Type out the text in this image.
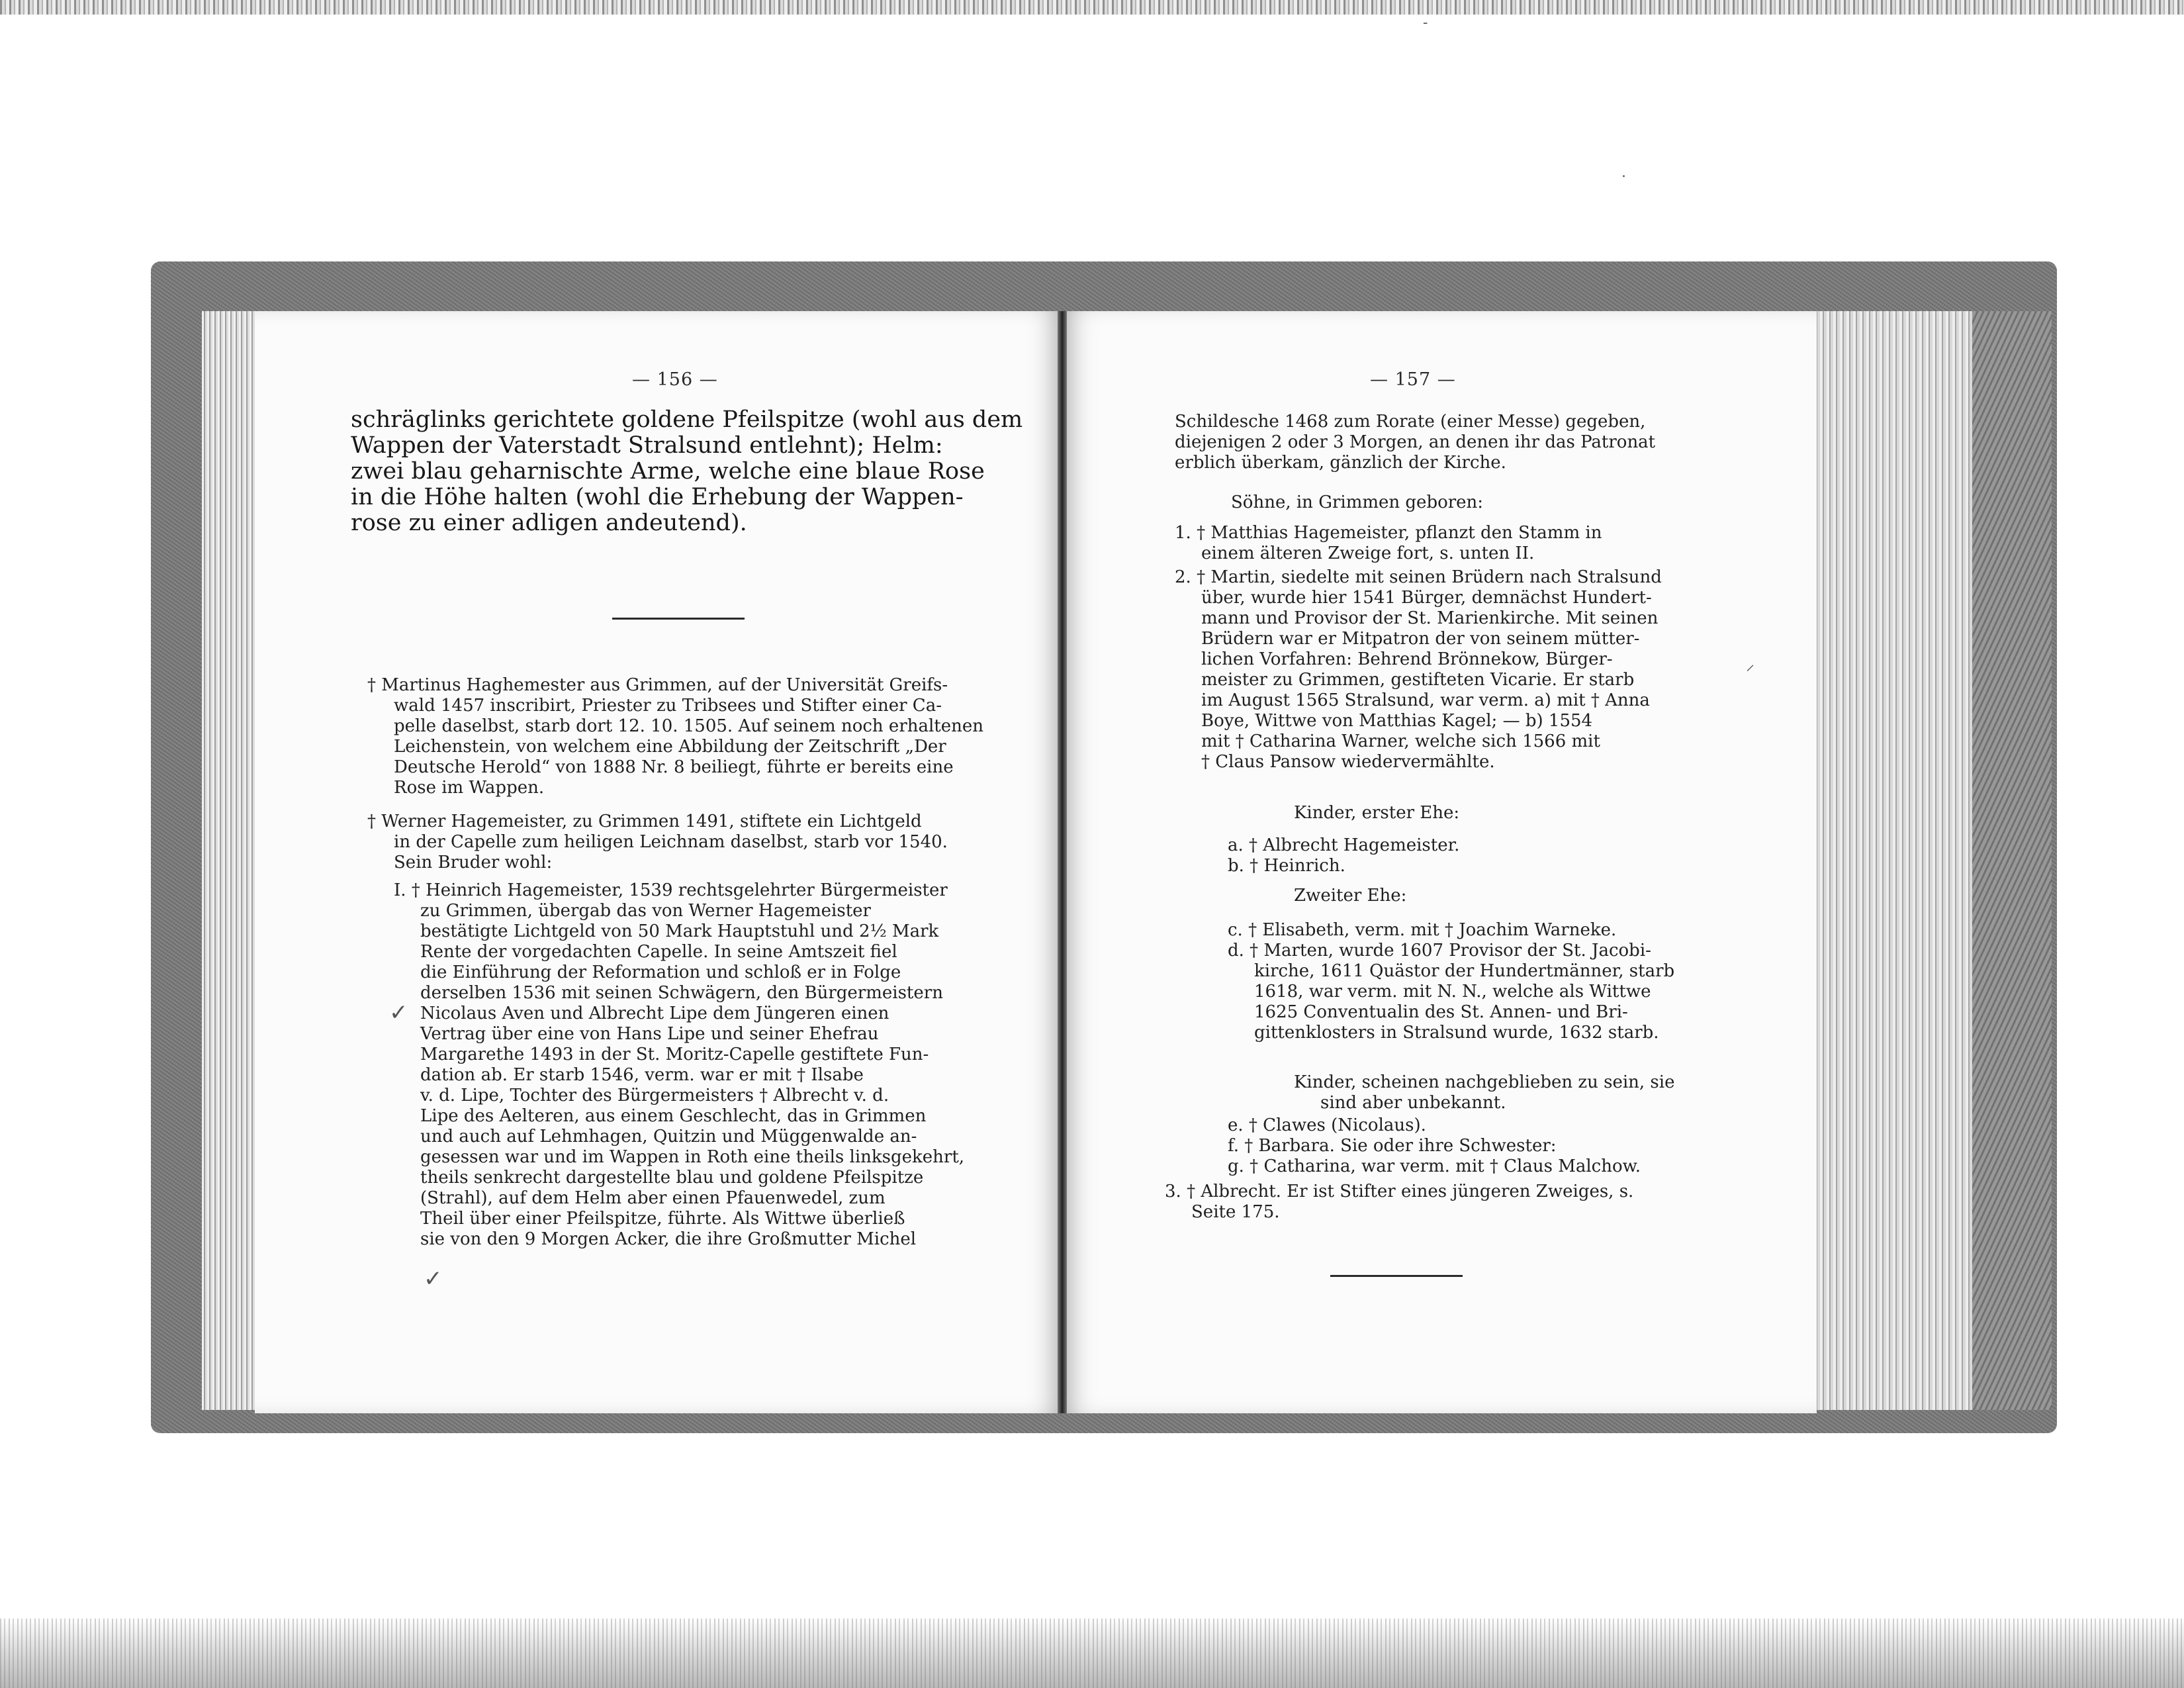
— 156 —
schräglinks gerichtete goldene Pfeilspitze (wohl aus dem
Wappen der Vaterstadt Stralsund entlehnt); Helm:
zwei blau geharnischte Arme, welche eine blaue Rose
in die Höhe halten (wohl die Erhebung der Wappen-
rose zu einer adligen andeutend).
† Martinus Haghemester aus Grimmen, auf der Universität Greifs-
wald 1457 inscribirt, Priester zu Tribsees und Stifter einer Ca-
pelle daselbst, starb dort 12. 10. 1505. Auf seinem noch erhaltenen
Leichenstein, von welchem eine Abbildung der Zeitschrift „Der
Deutsche Herold“ von 1888 Nr. 8 beiliegt, führte er bereits eine
Rose im Wappen.
† Werner Hagemeister, zu Grimmen 1491, stiftete ein Lichtgeld
in der Capelle zum heiligen Leichnam daselbst, starb vor 1540.
Sein Bruder wohl:
I. † Heinrich Hagemeister, 1539 rechtsgelehrter Bürgermeister
zu Grimmen, übergab das von Werner Hagemeister
bestätigte Lichtgeld von 50 Mark Hauptstuhl und 2½ Mark
Rente der vorgedachten Capelle. In seine Amtszeit fiel
die Einführung der Reformation und schloß er in Folge
derselben 1536 mit seinen Schwägern, den Bürgermeistern
Nicolaus Aven und Albrecht Lipe dem Jüngeren einen
Vertrag über eine von Hans Lipe und seiner Ehefrau
Margarethe 1493 in der St. Moritz-Capelle gestiftete Fun-
dation ab. Er starb 1546, verm. war er mit † Ilsabe
v. d. Lipe, Tochter des Bürgermeisters † Albrecht v. d.
Lipe des Aelteren, aus einem Geschlecht, das in Grimmen
und auch auf Lehmhagen, Quitzin und Müggenwalde an-
gesessen war und im Wappen in Roth eine theils linksgekehrt,
theils senkrecht dargestellte blau und goldene Pfeilspitze
(Strahl), auf dem Helm aber einen Pfauenwedel, zum
Theil über einer Pfeilspitze, führte. Als Wittwe überließ
sie von den 9 Morgen Acker, die ihre Großmutter Michel
✓
✓
— 157 —
Schildesche 1468 zum Rorate (einer Messe) gegeben,
diejenigen 2 oder 3 Morgen, an denen ihr das Patronat
erblich überkam, gänzlich der Kirche.
Söhne, in Grimmen geboren:
1. † Matthias Hagemeister, pflanzt den Stamm in
einem älteren Zweige fort, s. unten II.
2. † Martin, siedelte mit seinen Brüdern nach Stralsund
über, wurde hier 1541 Bürger, demnächst Hundert-
mann und Provisor der St. Marienkirche. Mit seinen
Brüdern war er Mitpatron der von seinem mütter-
lichen Vorfahren: Behrend Brönnekow, Bürger-
meister zu Grimmen, gestifteten Vicarie. Er starb
im August 1565 Stralsund, war verm. a) mit † Anna
Boye, Wittwe von Matthias Kagel; — b) 1554
mit † Catharina Warner, welche sich 1566 mit
† Claus Pansow wiedervermählte.
⸝
Kinder, erster Ehe:
a. † Albrecht Hagemeister.
b. † Heinrich.
Zweiter Ehe:
c. † Elisabeth, verm. mit † Joachim Warneke.
d. † Marten, wurde 1607 Provisor der St. Jacobi-
kirche, 1611 Quästor der Hundertmänner, starb
1618, war verm. mit N. N., welche als Wittwe
1625 Conventualin des St. Annen- und Bri-
gittenklosters in Stralsund wurde, 1632 starb.
Kinder, scheinen nachgeblieben zu sein, sie
sind aber unbekannt.
e. † Clawes (Nicolaus).
f. † Barbara. Sie oder ihre Schwester:
g. † Catharina, war verm. mit † Claus Malchow.
3. † Albrecht. Er ist Stifter eines jüngeren Zweiges, s.
Seite 175.
·
‐
